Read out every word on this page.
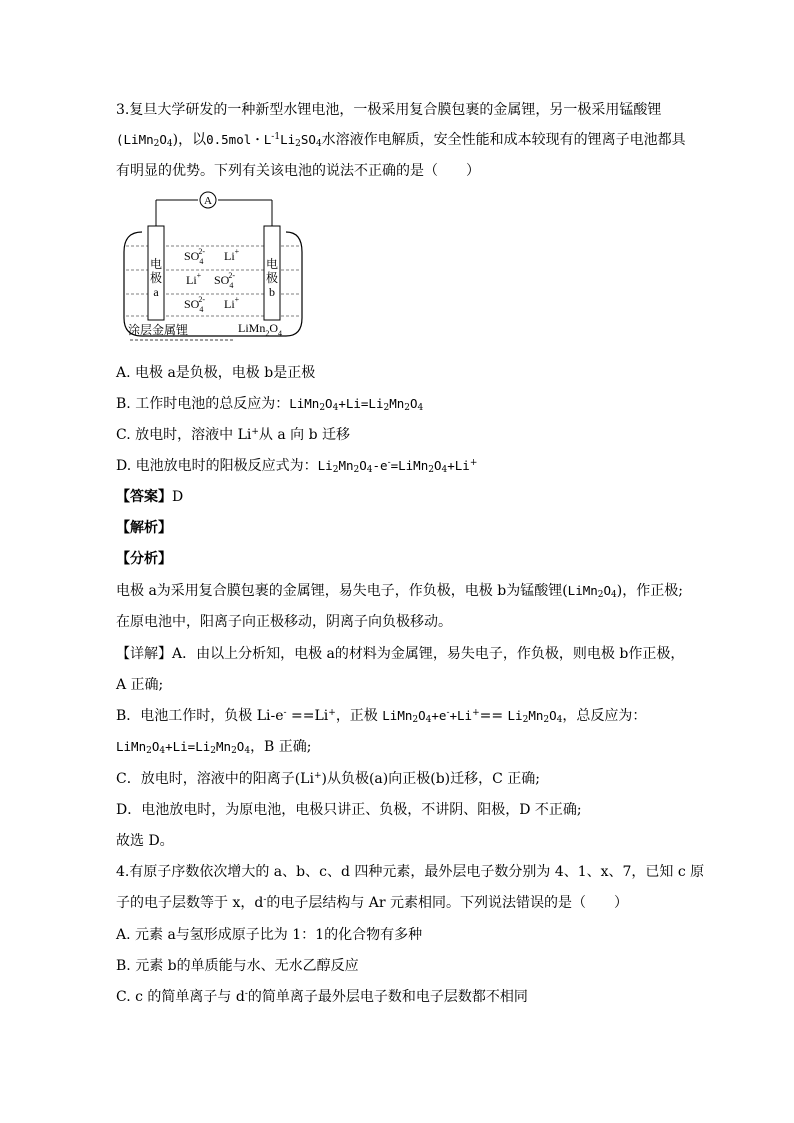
3.复旦大学研发的一种新型水锂电池，一极采用复合膜包裹的金属锂，另一极采用锰酸锂
$(LiMn_2O_4)$，以0.5mol・$L^{-1}Li_2SO_4$水溶液作电解质，安全性能和成本较现有的锂离子电池都具
有明显的优势。下列有关该电池的说法不正确的是（　　）
A
电
极
a
电
极
b
$SO_42-$ Li+
Li+ $SO_42-$
$SO_42-$ Li+
涂层金属锂	$LiMn_2O_4$
A. 电极 a是负极，电极 b是正极
B. 工作时电池的总反应为：$LiMn_2O_4+Li=Li_2Mn_2O_4$
C. 放电时，溶液中 Li+从 a 向 b 迁移
D. 电池放电时的阳极反应式为：$Li_2Mn_2O_4-e^-=LiMn_2O_4+Li^+$
【答案】D
【解析】
【分析】
电极 a为采用复合膜包裹的金属锂，易失电子，作负极，电极 b为锰酸锂$(LiMn_2O_4)$，作正极;
在原电池中，阳离子向正极移动，阴离子向负极移动。
【详解】A．由以上分析知，电极 a的材料为金属锂，易失电子，作负极，则电极 b作正极，
A 正确;
B．电池工作时，负极 Li-e- ==Li+，正极 $LiMn_2O_4+e^-+Li^+== Li_2Mn_2O_4$，总反应为：
$LiMn_2O_4+Li=Li_2Mn_2O_4$，B 正确;
C．放电时，溶液中的阳离子(Li+)从负极(a)向正极(b)迁移，C 正确;
D．电池放电时，为原电池，电极只讲正、负极，不讲阴、阳极，D 不正确;
故选 D。
4.有原子序数依次增大的 a、b、c、d 四种元素，最外层电子数分别为 4、1、x、7，已知 c 原
子的电子层数等于 x，d-的电子层结构与 Ar 元素相同。下列说法错误的是（　　）
A. 元素 a与氢形成原子比为 1：1的化合物有多种
B. 元素 b的单质能与水、无水乙醇反应
C. c 的简单离子与 d-的简单离子最外层电子数和电子层数都不相同
